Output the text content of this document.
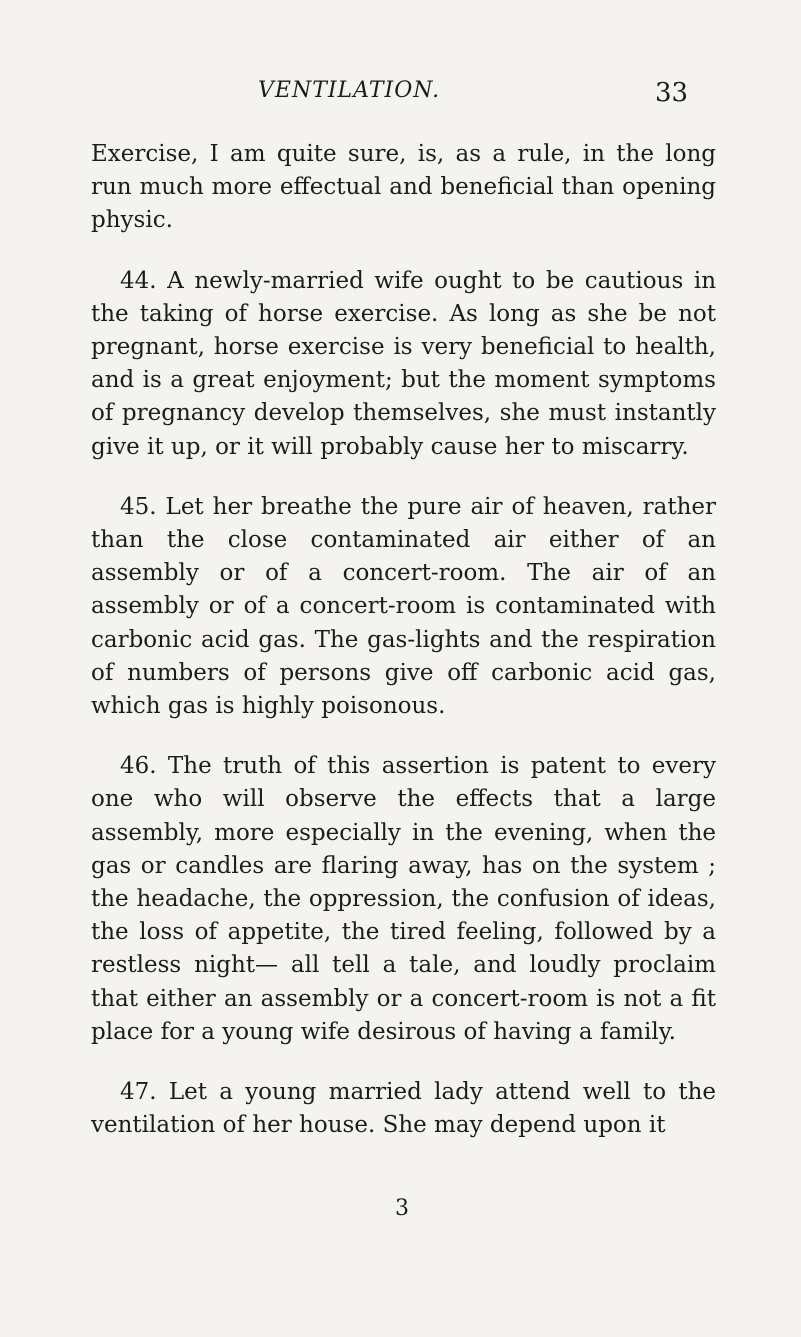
VENTILATION.	33

Exercise, I am quite sure, is, as a rule, in the long run much more effectual and beneficial than opening physic.

44. A newly-married wife ought to be cautious in the taking of horse exercise. As long as she be not pregnant, horse exercise is very beneficial to health, and is a great enjoyment; but the moment symptoms of pregnancy develop themselves, she must instantly give it up, or it will probably cause her to miscarry.

45. Let her breathe the pure air of heaven, rather than the close contaminated air either of an assembly or of a concert-room. The air of an assembly or of a concert-room is contaminated with carbonic acid gas. The gas-lights and the respiration of numbers of persons give off carbonic acid gas, which gas is highly poisonous.

46. The truth of this assertion is patent to every one who will observe the effects that a large assembly, more especially in the evening, when the gas or candles are flaring away, has on the system ; the headache, the oppression, the confusion of ideas, the loss of appetite, the tired feeling, followed by a restless night— all tell a tale, and loudly proclaim that either an assembly or a concert-room is not a fit place for a young wife desirous of having a family.

47. Let a young married lady attend well to the ventilation of her house. She may depend upon it

3
